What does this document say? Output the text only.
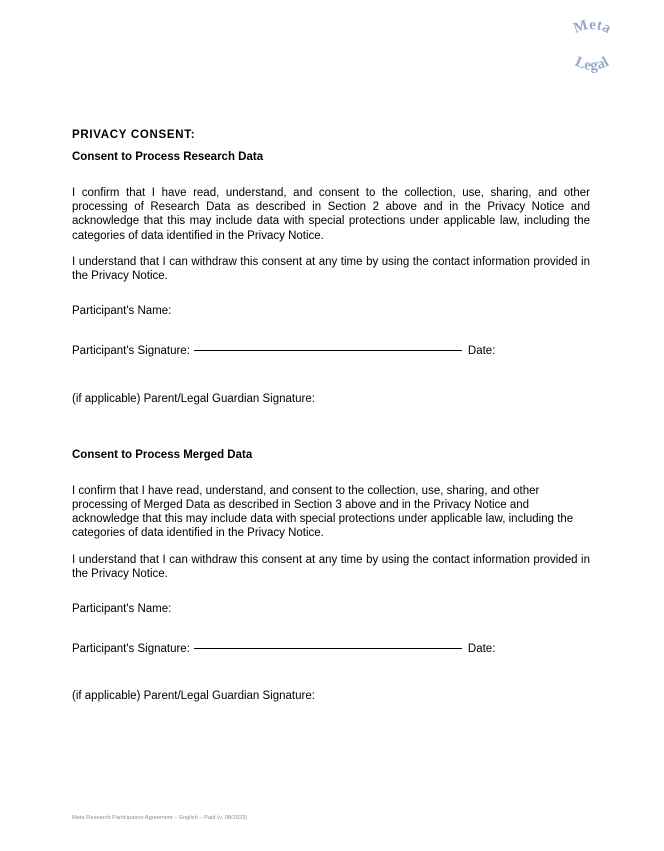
Meta
Legal

PRIVACY CONSENT:

Consent to Process Research Data

I confirm that I have read, understand, and consent to the collection, use, sharing, and other processing of Research Data as described in Section 2 above and in the Privacy Notice and acknowledge that this may include data with special protections under applicable law, including the categories of data identified in the Privacy Notice.

I understand that I can withdraw this consent at any time by using the contact information provided in the Privacy Notice.

Participant's Name:

Participant's Signature:	Date:

(if applicable) Parent/Legal Guardian Signature:

Consent to Process Merged Data

I confirm that I have read, understand, and consent to the collection, use, sharing, and other processing of Merged Data as described in Section 3 above and in the Privacy Notice and acknowledge that this may include data with special protections under applicable law, including the categories of data identified in the Privacy Notice.

I understand that I can withdraw this consent at any time by using the contact information provided in the Privacy Notice.

Participant's Name:

Participant's Signature:	Date:

(if applicable) Parent/Legal Guardian Signature:

Meta Research Participation Agreement – English – Paid (v. 08/2023)
